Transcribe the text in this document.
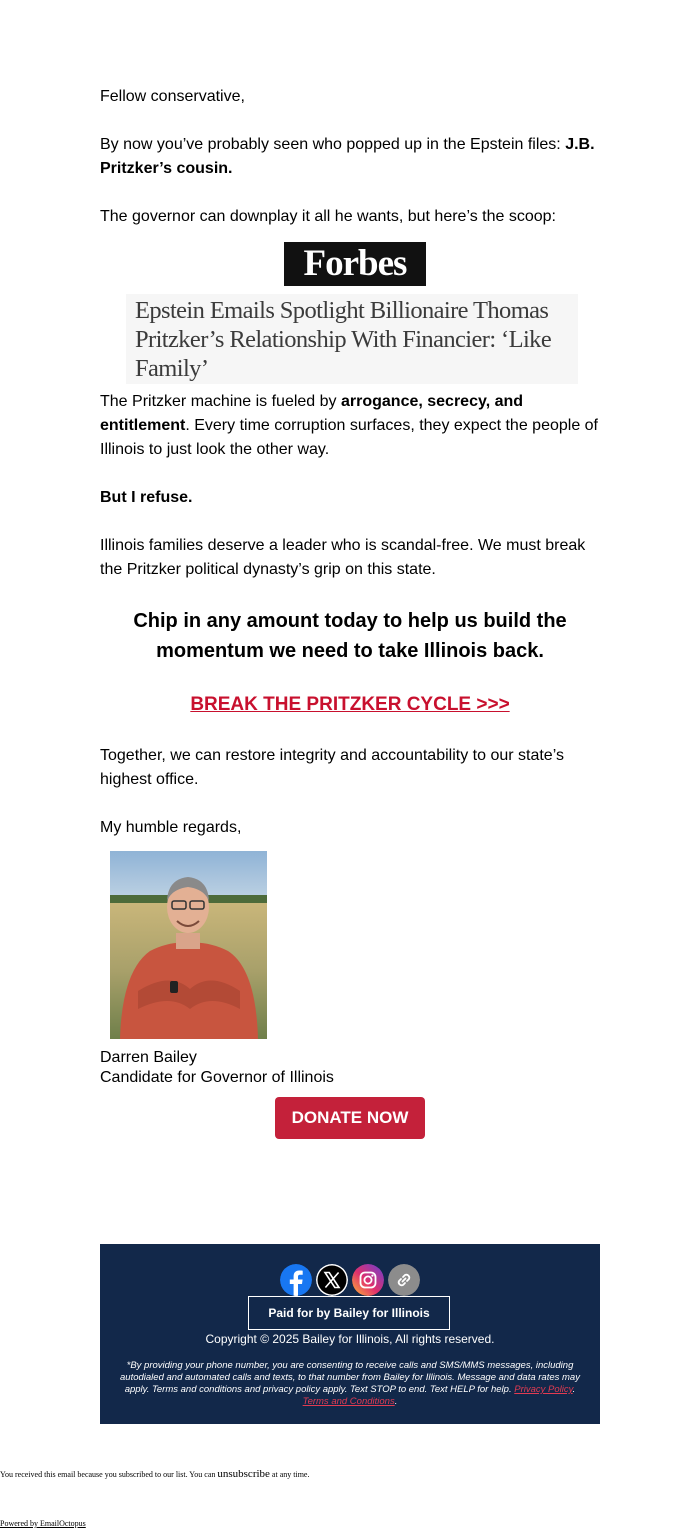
Fellow conservative,

By now you’ve probably seen who popped up in the Epstein files: J.B. Pritzker’s cousin.

The governor can downplay it all he wants, but here’s the scoop:

Forbes
Epstein Emails Spotlight Billionaire Thomas Pritzker’s Relationship With Financier: ‘Like Family’

The Pritzker machine is fueled by arrogance, secrecy, and entitlement. Every time corruption surfaces, they expect the people of Illinois to just look the other way.

But I refuse.

Illinois families deserve a leader who is scandal-free. We must break the Pritzker political dynasty’s grip on this state.

Chip in any amount today to help us build the momentum we need to take Illinois back.

BREAK THE PRITZKER CYCLE >>>

Together, we can restore integrity and accountability to our state’s highest office.

My humble regards,

Darren Bailey
Candidate for Governor of Illinois
DONATE NOW
Paid for by Bailey for Illinois
Copyright © 2025 Bailey for Illinois, All rights reserved.
*By providing your phone number, you are consenting to receive calls and SMS/MMS messages, including autodialed and automated calls and texts, to that number from Bailey for Illinois. Message and data rates may apply. Terms and conditions and privacy policy apply. Text STOP to end. Text HELP for help. Privacy Policy. Terms and Conditions.
You received this email because you subscribed to our list. You can unsubscribe at any time.
Powered by EmailOctopus
